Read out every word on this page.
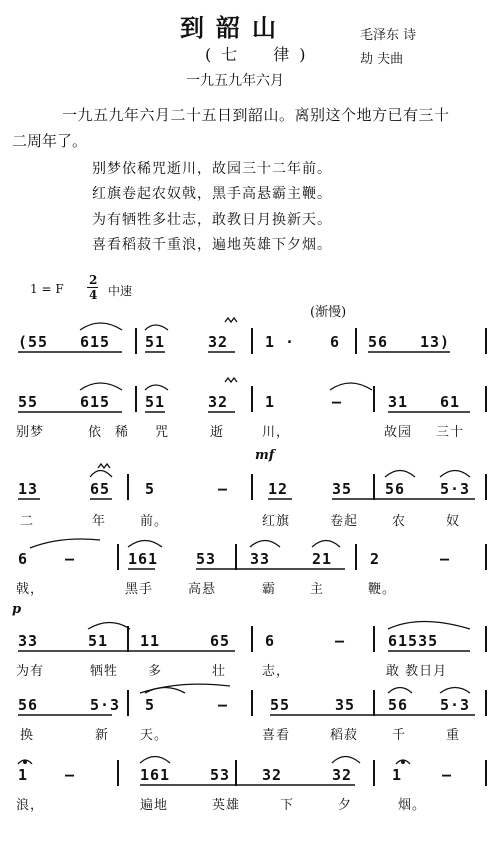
到韶山
(七　律)
一九五九年六月
毛泽东 诗
劫 夫曲
一九五九年六月二十五日到韶山。离别这个地方已有三十
二周年了。
别梦依稀咒逝川，故园三十二年前。
红旗卷起农奴戟，黑手高悬霸主鞭。
为有牺牲多壮志，敢教日月换新天。
喜看稻菽千重浪，遍地英雄下夕烟。
1 = F
2
4 中速
(渐慢)
(55 615 51	32 1 · 6 56 13)
55	615 51	32 1	—	31 61
别梦	依 稀 咒	逝	川，	故园 三十
mf
13	65 5	—	12	35 56 5·3
二	年	前。	红旗	卷起	农	奴
6 —	161	53 33	21	2	—
戟，	黑手	高悬	霸	主	鞭。
p
33	51 11	65 6	—	61535
为有	牺牲 多	壮	志，	敢 教日月
56	5·3 5	—	55	35 56 5·3
换	新 天。	喜看	稻菽	千	重
1 —	161	53 32	32	1	—
浪，	遍地	英雄	下	夕	烟。
